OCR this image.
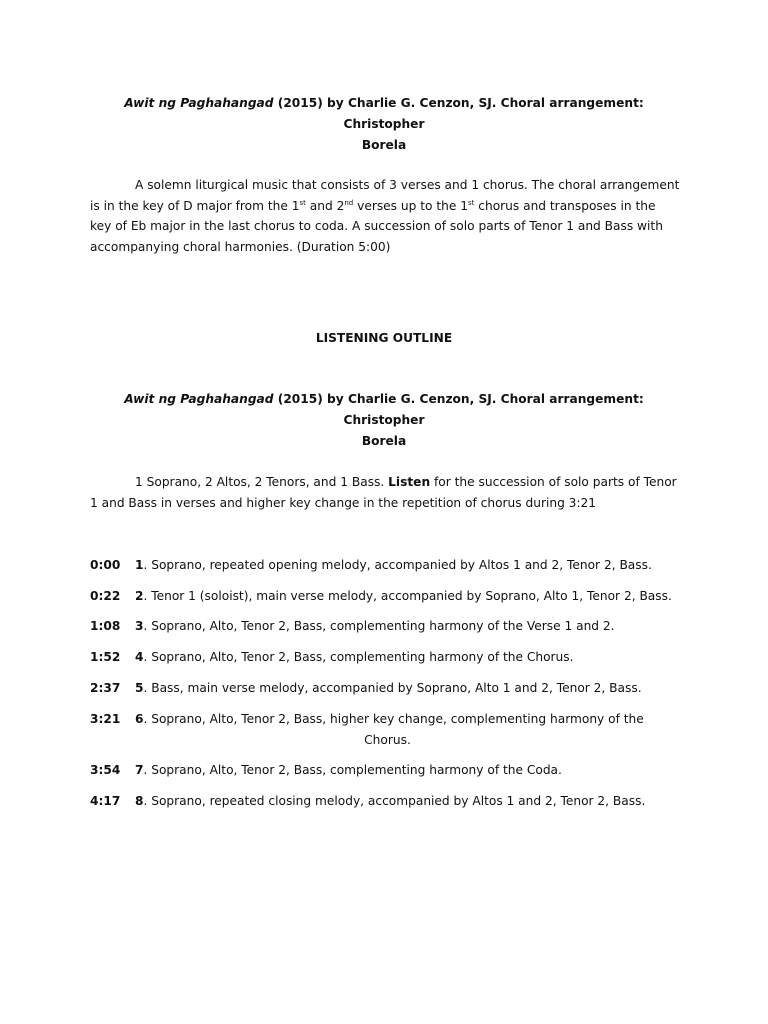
Awit ng Paghahangad (2015) by Charlie G. Cenzon, SJ. Choral arrangement: Christopher
Borela
A solemn liturgical music that consists of 3 verses and 1 chorus. The choral arrangement is in the key of D major from the 1st and 2nd verses up to the 1st chorus and transposes in the key of Eb major in the last chorus to coda. A succession of solo parts of Tenor 1 and Bass with accompanying choral harmonies. (Duration 5:00)
LISTENING OUTLINE
Awit ng Paghahangad (2015) by Charlie G. Cenzon, SJ. Choral arrangement: Christopher
Borela
1 Soprano, 2 Altos, 2 Tenors, and 1 Bass. Listen for the succession of solo parts of Tenor 1 and Bass in verses and higher key change in the repetition of chorus during 3:21
0:00 1. Soprano, repeated opening melody, accompanied by Altos 1 and 2, Tenor 2, Bass.
0:22 2. Tenor 1 (soloist), main verse melody, accompanied by Soprano, Alto 1, Tenor 2, Bass.
1:08 3. Soprano, Alto, Tenor 2, Bass, complementing harmony of the Verse 1 and 2.
1:52 4. Soprano, Alto, Tenor 2, Bass, complementing harmony of the Chorus.
2:37 5. Bass, main verse melody, accompanied by Soprano, Alto 1 and 2, Tenor 2, Bass.
3:21 6. Soprano, Alto, Tenor 2, Bass, higher key change, complementing harmony of the
Chorus.
3:54 7. Soprano, Alto, Tenor 2, Bass, complementing harmony of the Coda.
4:17 8. Soprano, repeated closing melody, accompanied by Altos 1 and 2, Tenor 2, Bass.
